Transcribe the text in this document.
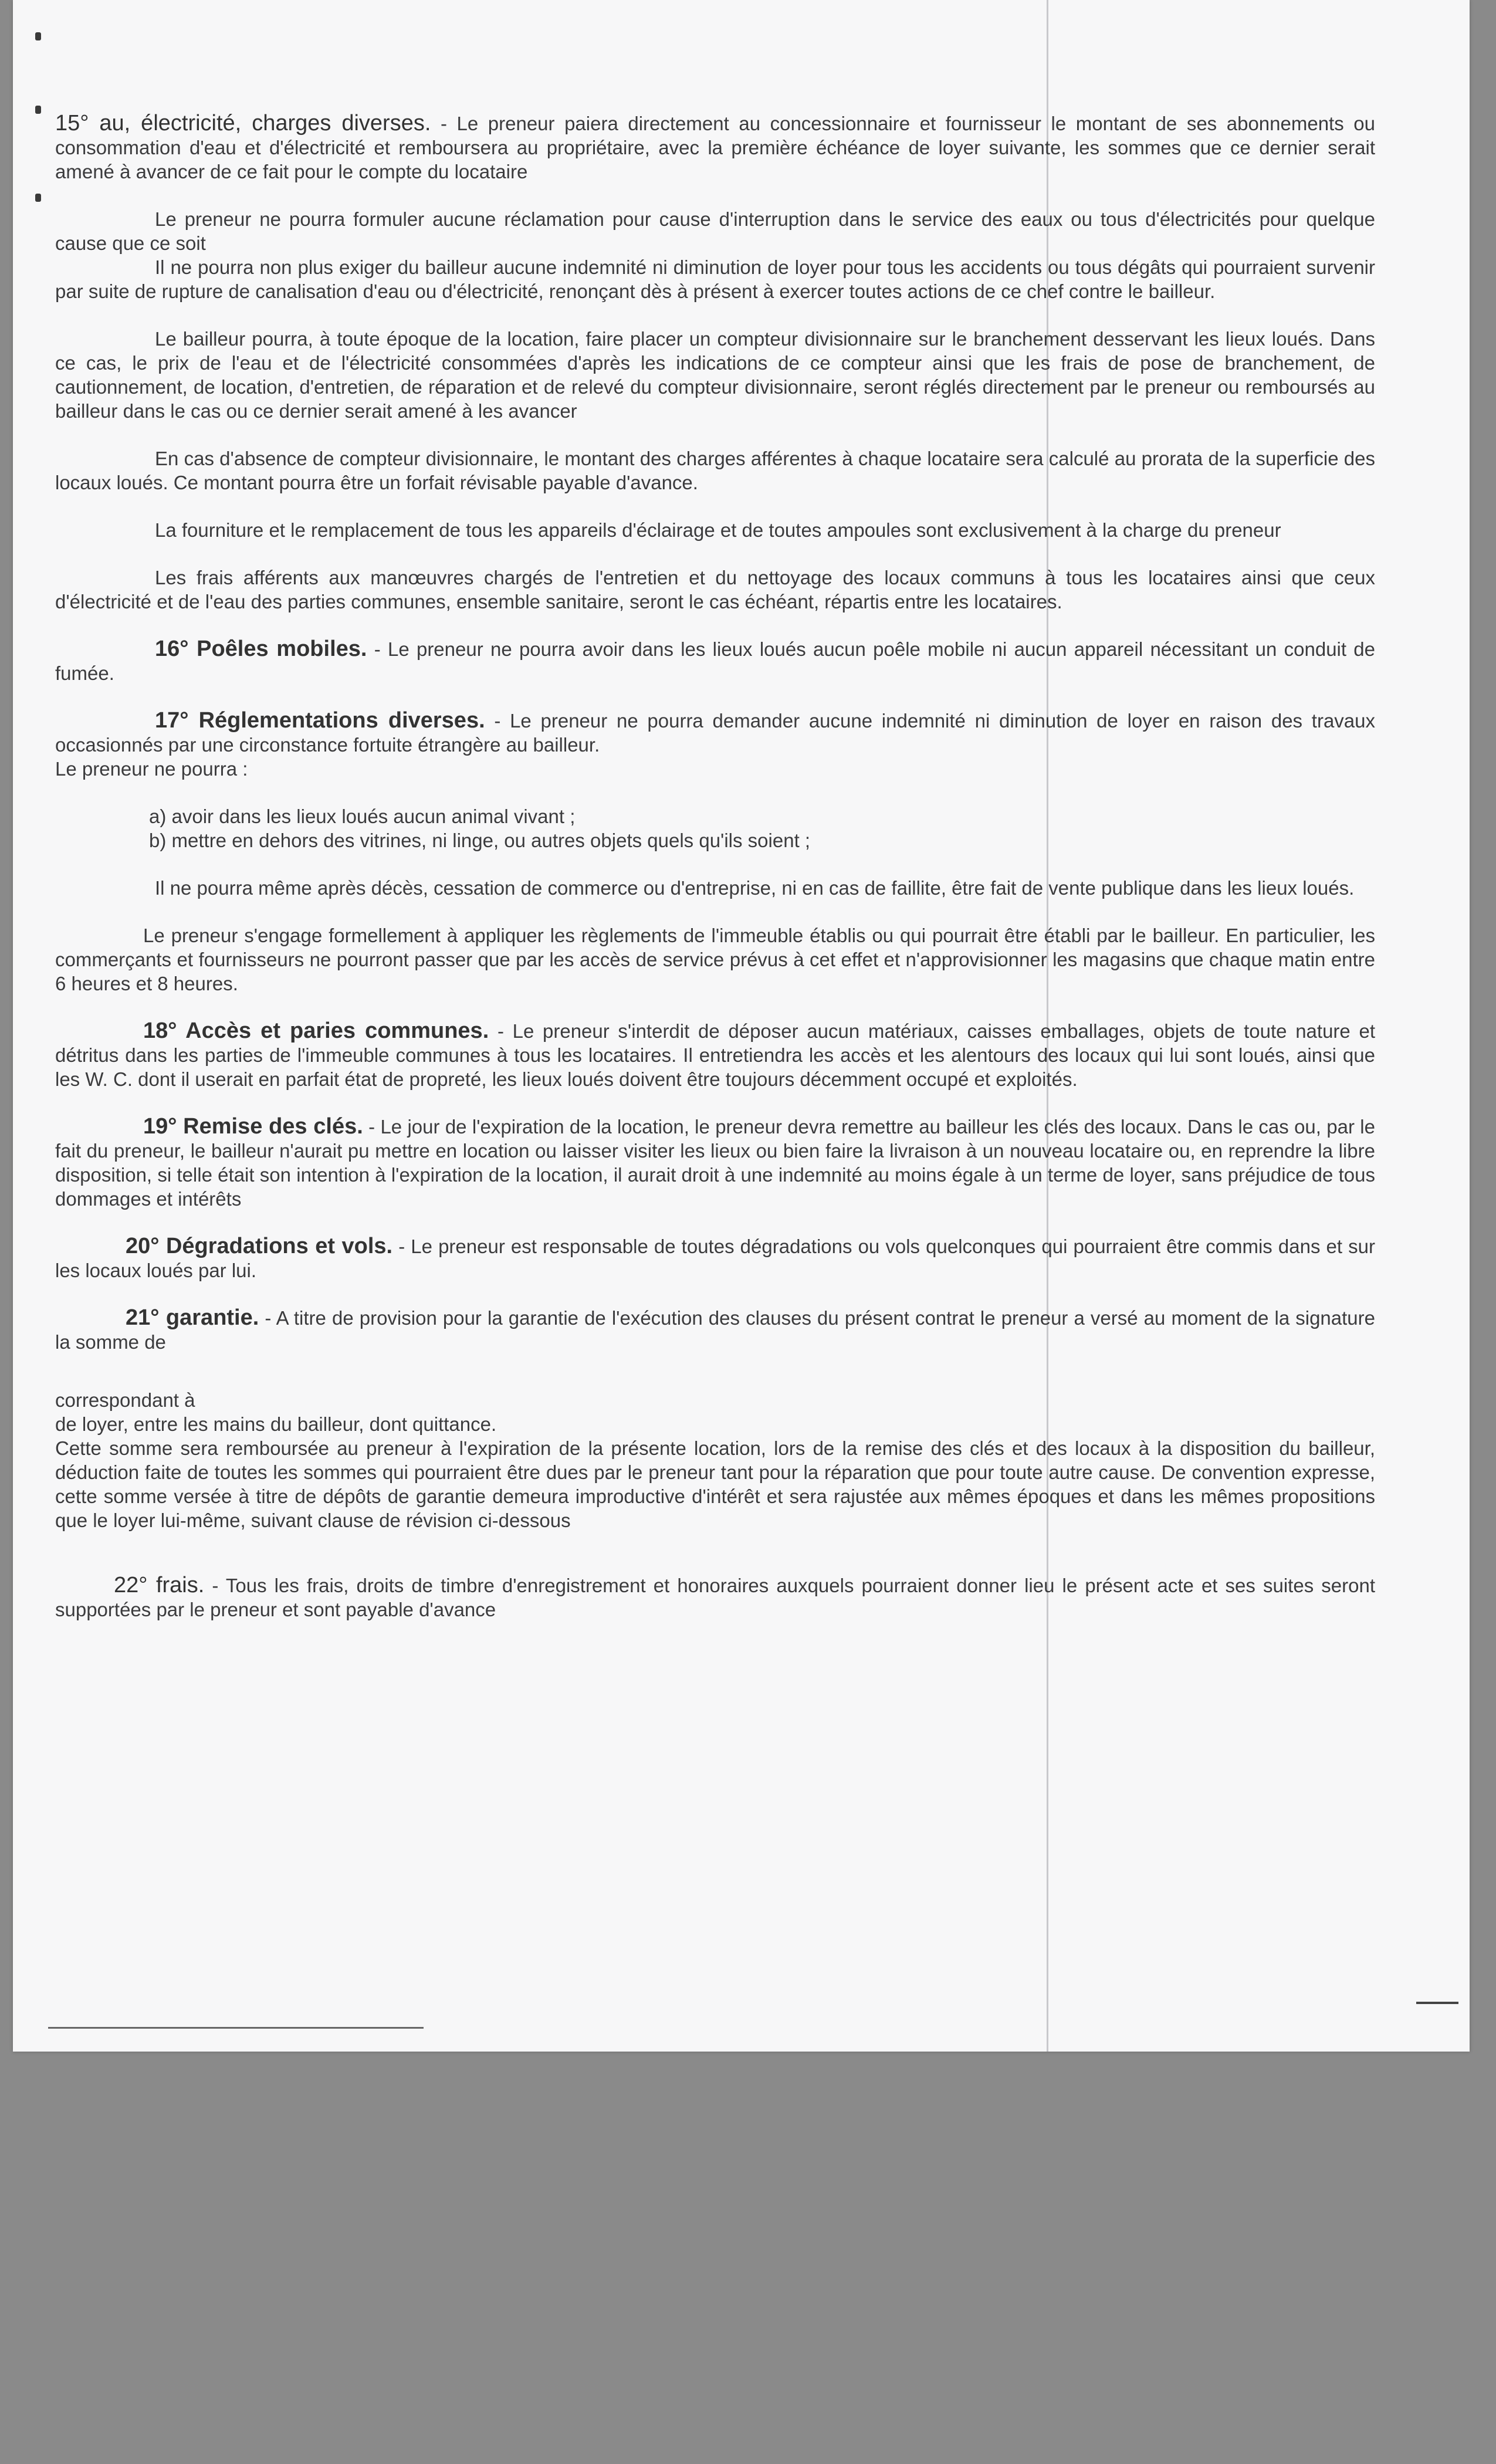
15° au, électricité, charges diverses. - Le preneur paiera directement au concessionnaire et fournisseur le montant de ses abonnements ou consommation d'eau et d'électricité et remboursera au propriétaire, avec la première échéance de loyer suivante, les sommes que ce dernier serait amené à avancer de ce fait pour le compte du locataire

Le preneur ne pourra formuler aucune réclamation pour cause d'interruption dans le service des eaux ou tous d'électricités pour quelque cause que ce soit

Il ne pourra non plus exiger du bailleur aucune indemnité ni diminution de loyer pour tous les accidents ou tous dégâts qui pourraient survenir par suite de rupture de canalisation d'eau ou d'électricité, renonçant dès à présent à exercer toutes actions de ce chef contre le bailleur.

Le bailleur pourra, à toute époque de la location, faire placer un compteur divisionnaire sur le branchement desservant les lieux loués. Dans ce cas, le prix de l'eau et de l'électricité consommées d'après les indications de ce compteur ainsi que les frais de pose de branchement, de cautionnement, de location, d'entretien, de réparation et de relevé du compteur divisionnaire, seront réglés directement par le preneur ou remboursés au bailleur dans le cas ou ce dernier serait amené à les avancer

En cas d'absence de compteur divisionnaire, le montant des charges afférentes à chaque locataire sera calculé au prorata de la superficie des locaux loués. Ce montant pourra être un forfait révisable payable d'avance.

La fourniture et le remplacement de tous les appareils d'éclairage et de toutes ampoules sont exclusivement à la charge du preneur

Les frais afférents aux manœuvres chargés de l'entretien et du nettoyage des locaux communs à tous les locataires ainsi que ceux d'électricité et de l'eau des parties communes, ensemble sanitaire, seront le cas échéant, répartis entre les locataires.

16° Poêles mobiles. - Le preneur ne pourra avoir dans les lieux loués aucun poêle mobile ni aucun appareil nécessitant un conduit de fumée.

17° Réglementations diverses. - Le preneur ne pourra demander aucune indemnité ni diminution de loyer en raison des travaux occasionnés par une circonstance fortuite étrangère au bailleur.

Le preneur ne pourra :

a) avoir dans les lieux loués aucun animal vivant ;

b) mettre en dehors des vitrines, ni linge, ou autres objets quels qu'ils soient ;

Il ne pourra même après décès, cessation de commerce ou d'entreprise, ni en cas de faillite, être fait de vente publique dans les lieux loués.

Le preneur s'engage formellement à appliquer les règlements de l'immeuble établis ou qui pourrait être établi par le bailleur. En particulier, les commerçants et fournisseurs ne pourront passer que par les accès de service prévus à cet effet et n'approvisionner les magasins que chaque matin entre 6 heures et 8 heures.

18° Accès et paries communes. - Le preneur s'interdit de déposer aucun matériaux, caisses emballages, objets de toute nature et détritus dans les parties de l'immeuble communes à tous les locataires. Il entretiendra les accès et les alentours des locaux qui lui sont loués, ainsi que les W. C. dont il userait en parfait état de propreté, les lieux loués doivent être toujours décemment occupé et exploités.

19° Remise des clés. - Le jour de l'expiration de la location, le preneur devra remettre au bailleur les clés des locaux. Dans le cas ou, par le fait du preneur, le bailleur n'aurait pu mettre en location ou laisser visiter les lieux ou bien faire la livraison à un nouveau locataire ou, en reprendre la libre disposition, si telle était son intention à l'expiration de la location, il aurait droit à une indemnité au moins égale à un terme de loyer, sans préjudice de tous dommages et intérêts

20° Dégradations et vols. - Le preneur est responsable de toutes dégradations ou vols quelconques qui pourraient être commis dans et sur les locaux loués par lui.

21° garantie. - A titre de provision pour la garantie de l'exécution des clauses du présent contrat le preneur a versé au moment de la signature la somme de

correspondant à

de loyer, entre les mains du bailleur, dont quittance.

Cette somme sera remboursée au preneur à l'expiration de la présente location, lors de la remise des clés et des locaux à la disposition du bailleur, déduction faite de toutes les sommes qui pourraient être dues par le preneur tant pour la réparation que pour toute autre cause. De convention expresse, cette somme versée à titre de dépôts de garantie demeura improductive d'intérêt et sera rajustée aux mêmes époques et dans les mêmes propositions que le loyer lui-même, suivant clause de révision ci-dessous

22° frais. - Tous les frais, droits de timbre d'enregistrement et honoraires auxquels pourraient donner lieu le présent acte et ses suites seront supportées par le preneur et sont payable d'avance
